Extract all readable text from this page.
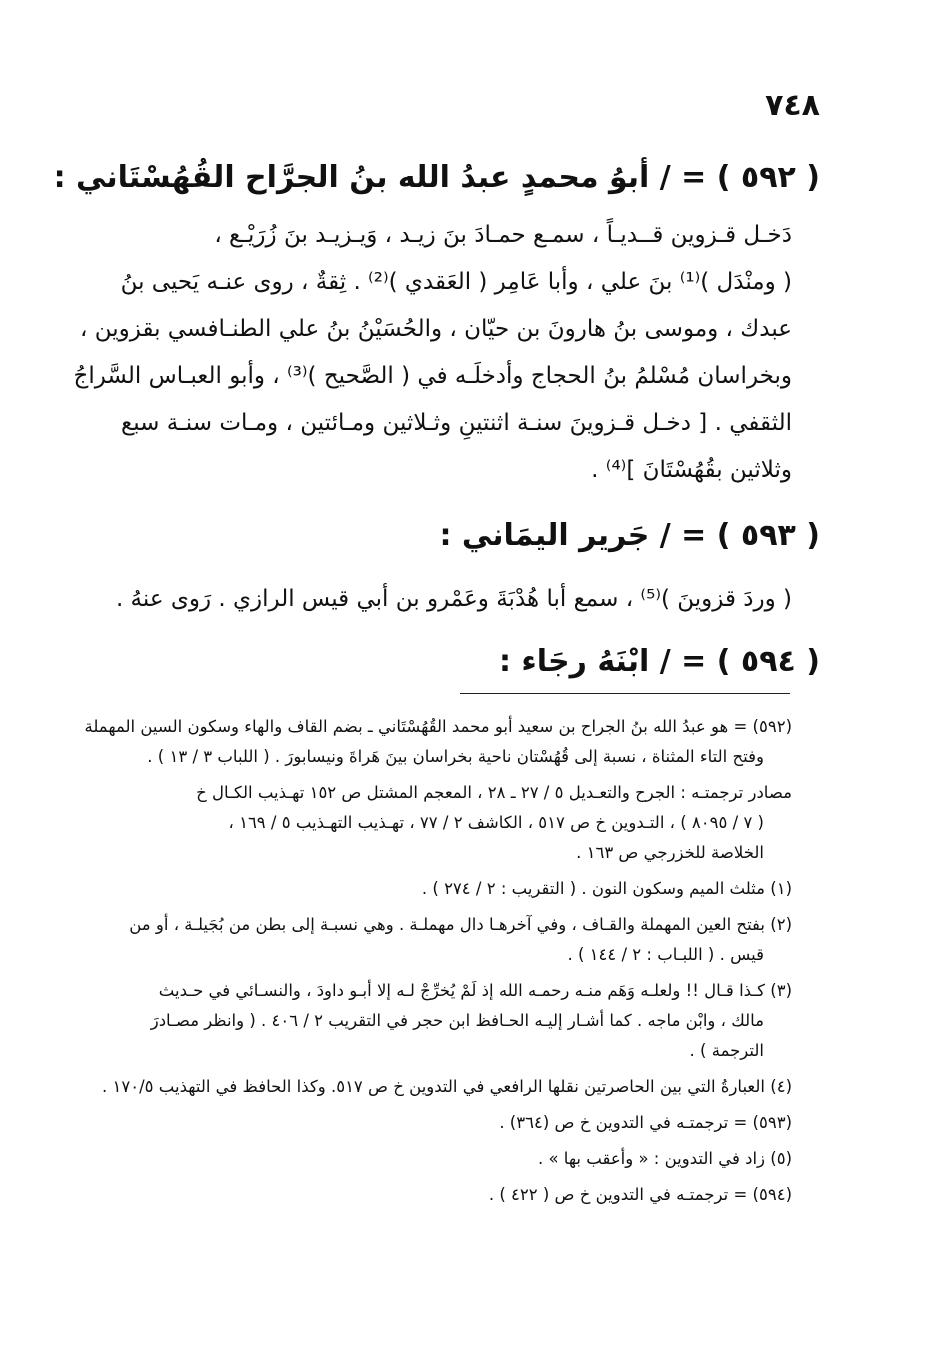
٧٤٨
( ٥٩٢ ) = / أبوُ محمدٍ عبدُ الله بنُ الجرَّاح القُهُسْتَاني :
دَخـل قـزوين قــديـاً ، سمـع حمـادَ بنَ زيـد ، وَيـزيـد بنَ زُرَيْـع ،
( ومنْدَل )⁽¹⁾ بنَ علي ، وأبا عَامِر ( العَقدي )⁽²⁾ . ثِقةٌ ، روى عنـه يَحيى بنُ
عبدك ، وموسى بنُ هارونَ بن حيّان ، والحُسَيْنُ بنُ علي الطنـافسي بقزوين ،
وبخراسان مُسْلمُ بنُ الحجاج وأدخلَـه في ( الصَّحيح )⁽³⁾ ، وأبو العبـاس السَّراجُ
الثقفي . [ دخـل قـزوينَ سنـة اثنتينِ وثـلاثين ومـائتين ، ومـات سنـة سبع
وثلاثين بقُهُسْتَانَ ]⁽⁴⁾ .
( ٥٩٣ ) = / جَرير اليمَاني :
( وردَ قزوينَ )⁽⁵⁾ ، سمع أبا هُدْبَةَ وعَمْرو بن أبي قيس الرازي . رَوى عنهُ .
( ٥٩٤ ) = / ابْنَهُ رجَاء :
(٥٩٢) = هو عبدُ الله بنُ الجراح بن سعيد أبو محمد القُهُسْتَاني ـ بضم القاف والهاء وسكون السين المهملة
وفتح التاء المثناة ، نسبة إلى قُهُسْتان ناحية بخراسان بينَ هَراةَ ونيسابورَ . ( اللباب ٣ / ١٣ ) .
مصادر ترجمتـه : الجرح والتعـديل ٥ / ٢٧ ـ ٢٨ ، المعجم المشتل ص ١٥٢ تهـذيب الكـال خ
( ٧ / ٨٠٩٥ ) ، التـدوين خ ص ٥١٧ ، الكاشف ٢ / ٧٧ ، تهـذيب التهـذيب ٥ / ١٦٩ ،
الخلاصة للخزرجي ص ١٦٣ .
(١) مثلث الميم وسكون النون . ( التقريب : ٢ / ٢٧٤ ) .
(٢) بفتح العين المهملة والقـاف ، وفي آخرهـا دال مهملـة . وهي نسبـة إلى بطن من بُجَيلـة ، أو من
قيس . ( اللبـاب : ٢ / ١٤٤ ) .
(٣) كـذا قـال !! ولعلـه وَهَم منـه رحمـه الله إذ لَمْ يُخرِّجْ لـه إلا أبـو داودَ ، والنسـائي في حـديث
مالك ، وابْن ماجه . كما أشـار إليـه الحـافظ ابن حجر في التقريب ٢ / ٤٠٦ . ( وانظر مصـادرَ
الترجمة ) .
(٤) العبارةُ التي بين الحاصرتين نقلها الرافعي في التدوين خ ص ٥١٧. وكذا الحافظ في التهذيب ١٧٠/٥ .
(٥٩٣) = ترجمتـه في التدوين خ ص (٣٦٤) .
(٥) زاد في التدوين : « وأعقب بها » .
(٥٩٤) = ترجمتـه في التدوين خ ص ( ٤٢٢ ) .
